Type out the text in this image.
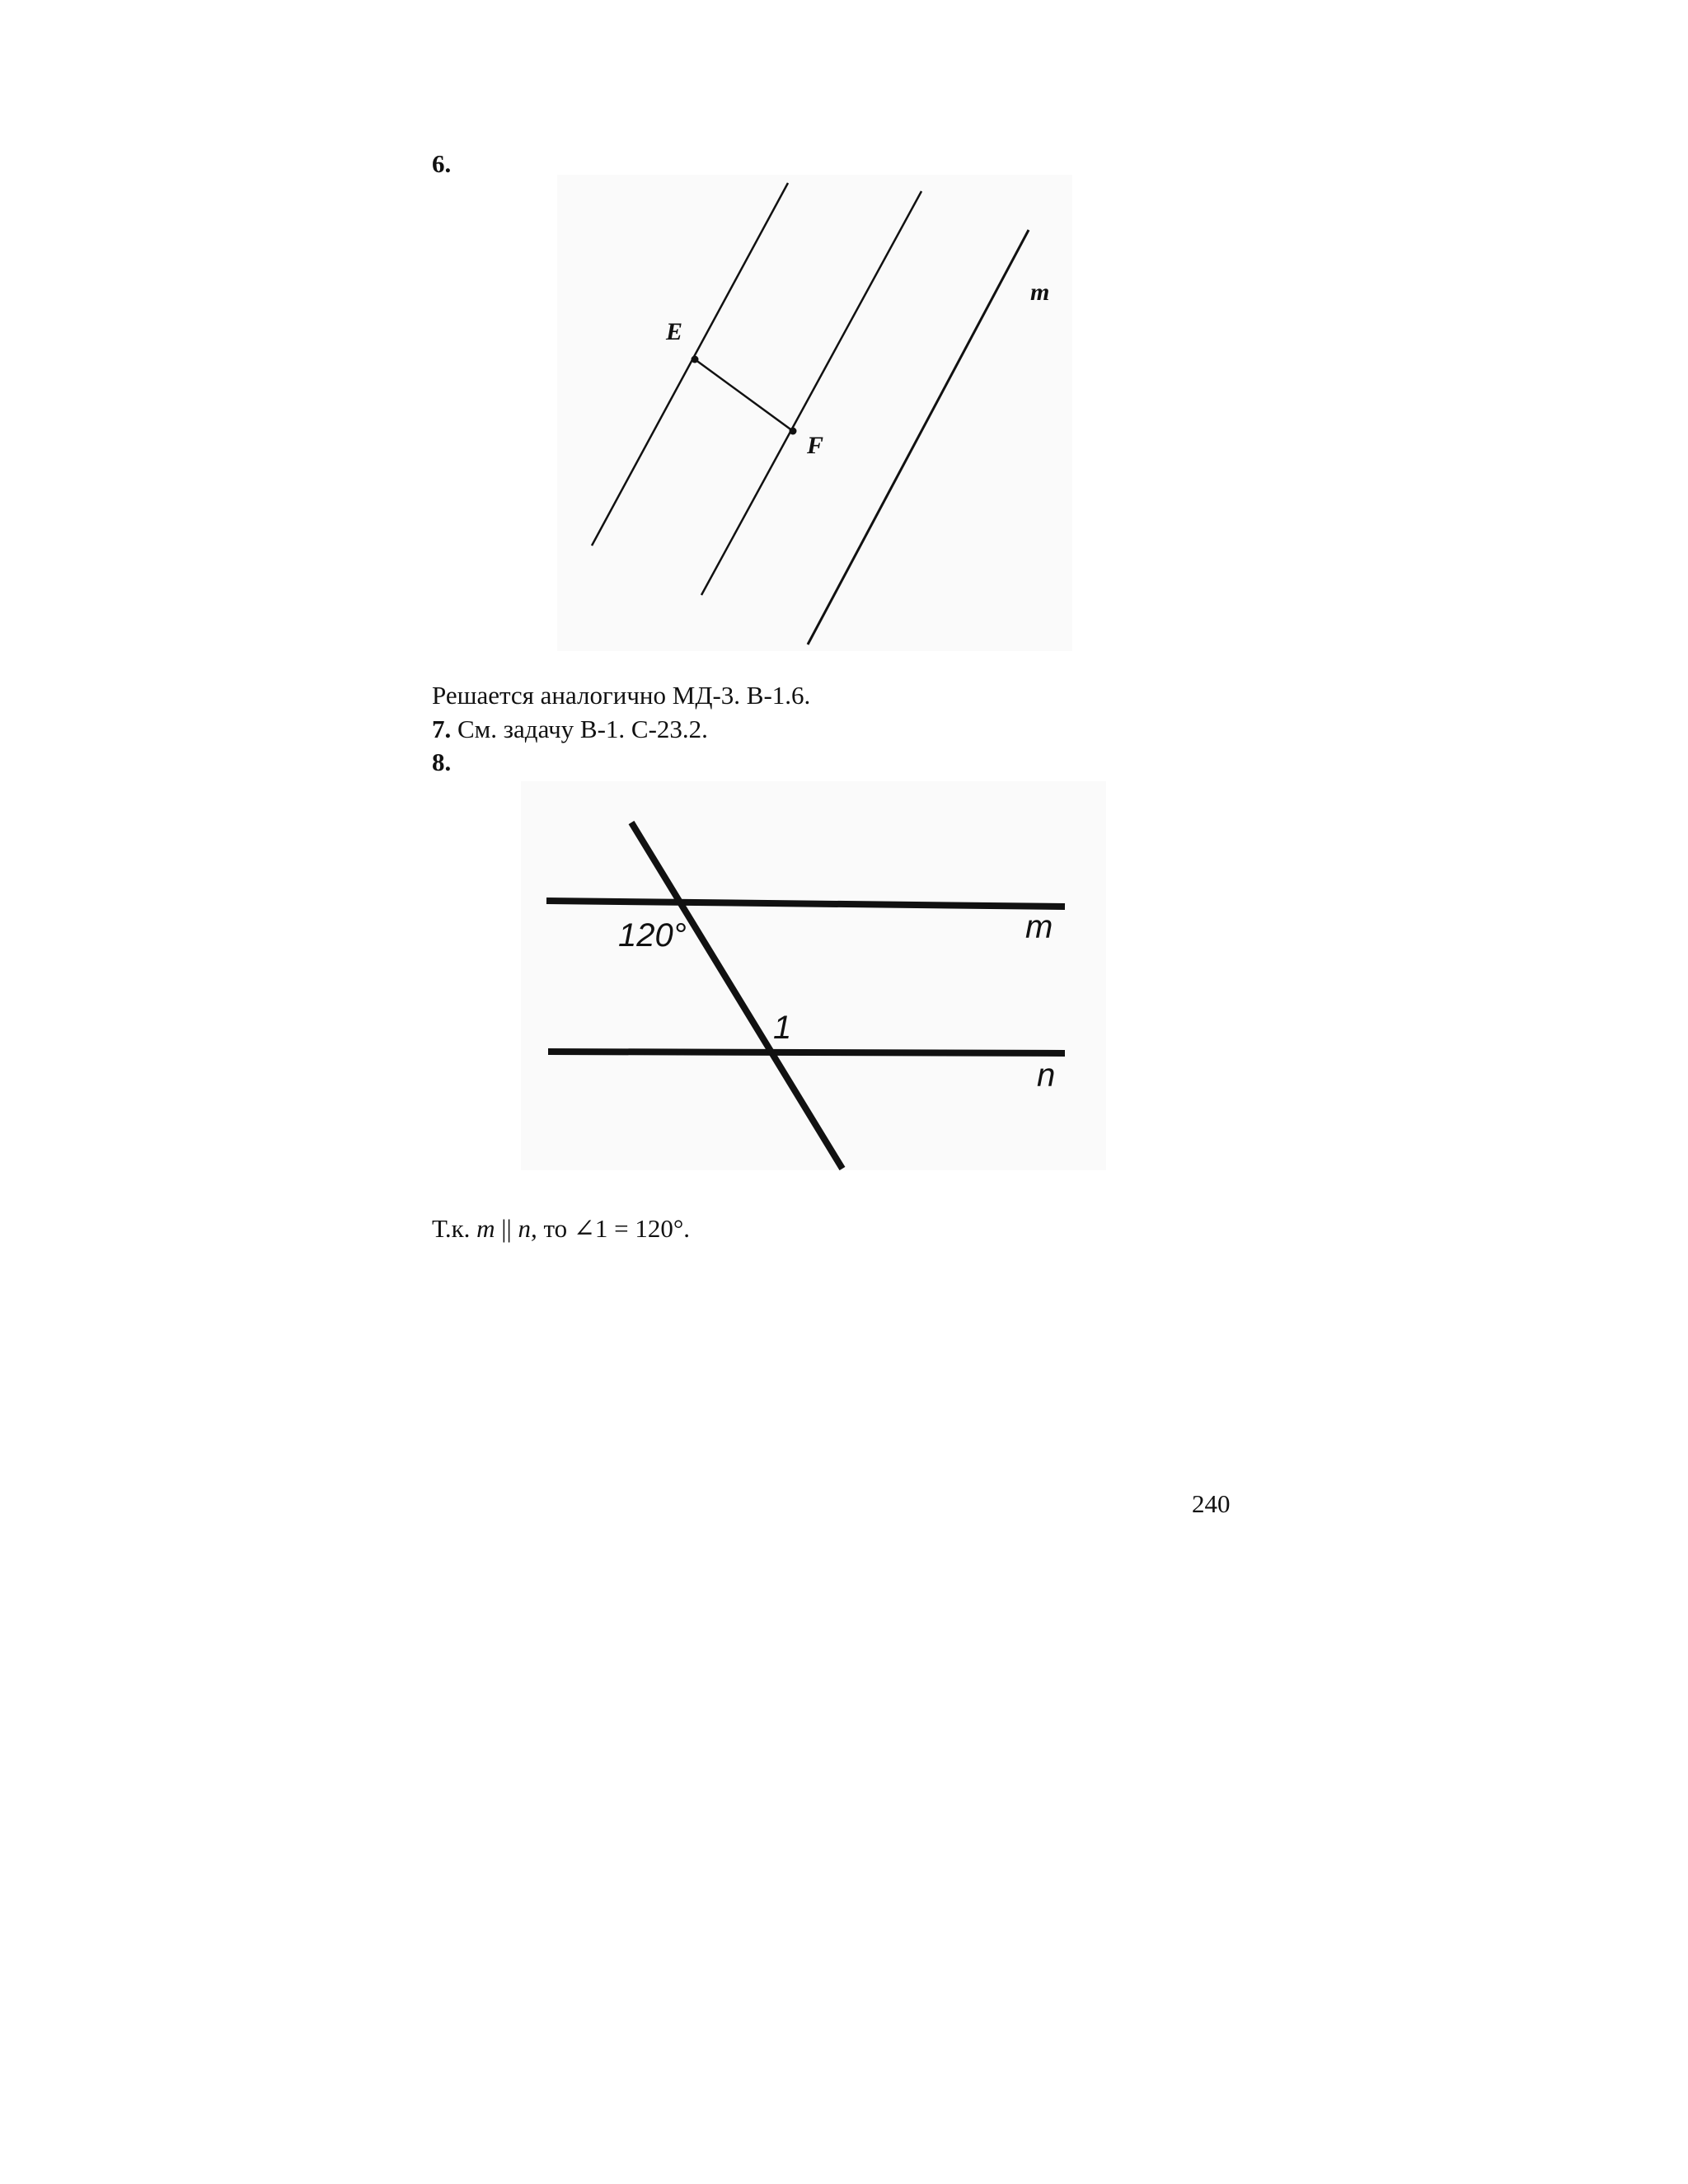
6.

E
F
m

Решается аналогично МД-3. В-1.6.

7. См. задачу В-1. С-23.2.

8.

120°
1
m
n

Т.к. m || n, то ∠1 = 120°.

240
